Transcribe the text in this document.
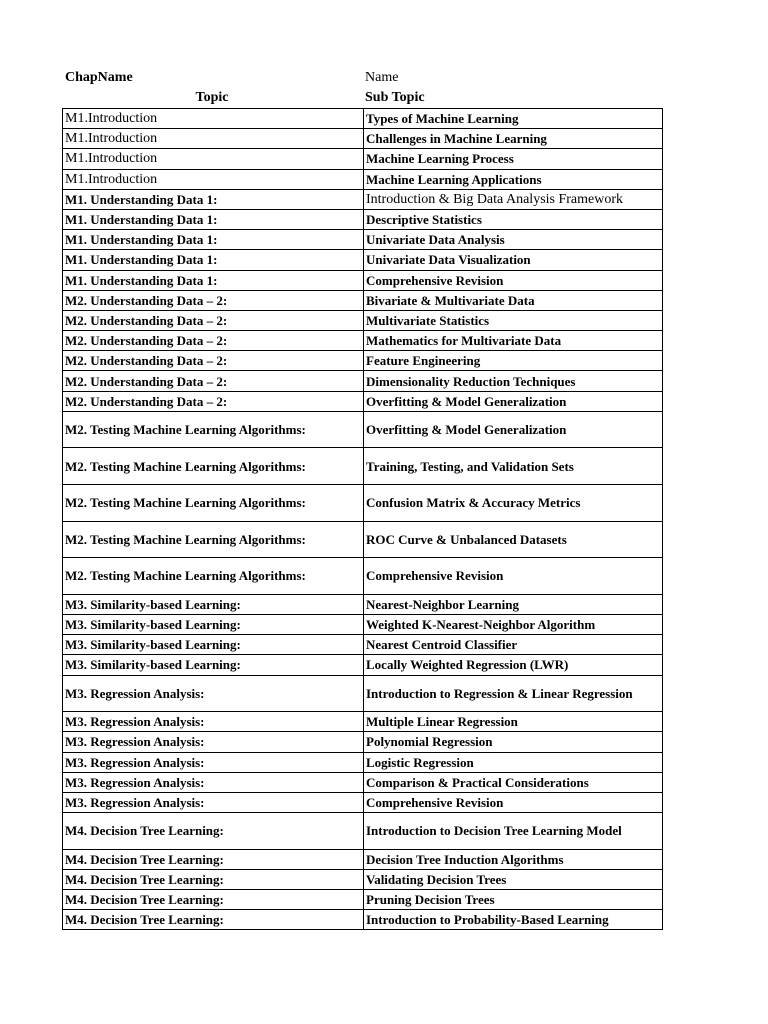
ChapName	Name
Topic	Sub Topic
M1.Introduction	Types of Machine Learning
M1.Introduction	Challenges in Machine Learning
M1.Introduction	Machine Learning Process
M1.Introduction	Machine Learning Applications
M1. Understanding Data 1:	Introduction & Big Data Analysis Framework
M1. Understanding Data 1:	Descriptive Statistics
M1. Understanding Data 1:	Univariate Data Analysis
M1. Understanding Data 1:	Univariate Data Visualization
M1. Understanding Data 1:	Comprehensive Revision
M2. Understanding Data – 2:	Bivariate & Multivariate Data
M2. Understanding Data – 2:	Multivariate Statistics
M2. Understanding Data – 2:	Mathematics for Multivariate Data
M2. Understanding Data – 2:	Feature Engineering
M2. Understanding Data – 2:	Dimensionality Reduction Techniques
M2. Understanding Data – 2:	Overfitting & Model Generalization
M2. Testing Machine Learning Algorithms:	Overfitting & Model Generalization
M2. Testing Machine Learning Algorithms:	Training, Testing, and Validation Sets
M2. Testing Machine Learning Algorithms:	Confusion Matrix & Accuracy Metrics
M2. Testing Machine Learning Algorithms:	ROC Curve & Unbalanced Datasets
M2. Testing Machine Learning Algorithms:	Comprehensive Revision
M3. Similarity-based Learning:	Nearest-Neighbor Learning
M3. Similarity-based Learning:	Weighted K-Nearest-Neighbor Algorithm
M3. Similarity-based Learning:	Nearest Centroid Classifier
M3. Similarity-based Learning:	Locally Weighted Regression (LWR)
M3. Regression Analysis:	Introduction to Regression & Linear Regression
M3. Regression Analysis:	Multiple Linear Regression
M3. Regression Analysis:	Polynomial Regression
M3. Regression Analysis:	Logistic Regression
M3. Regression Analysis:	Comparison & Practical Considerations
M3. Regression Analysis:	Comprehensive Revision
M4. Decision Tree Learning:	Introduction to Decision Tree Learning Model
M4. Decision Tree Learning:	Decision Tree Induction Algorithms
M4. Decision Tree Learning:	Validating Decision Trees
M4. Decision Tree Learning:	Pruning Decision Trees
M4. Decision Tree Learning:	Introduction to Probability-Based Learning
